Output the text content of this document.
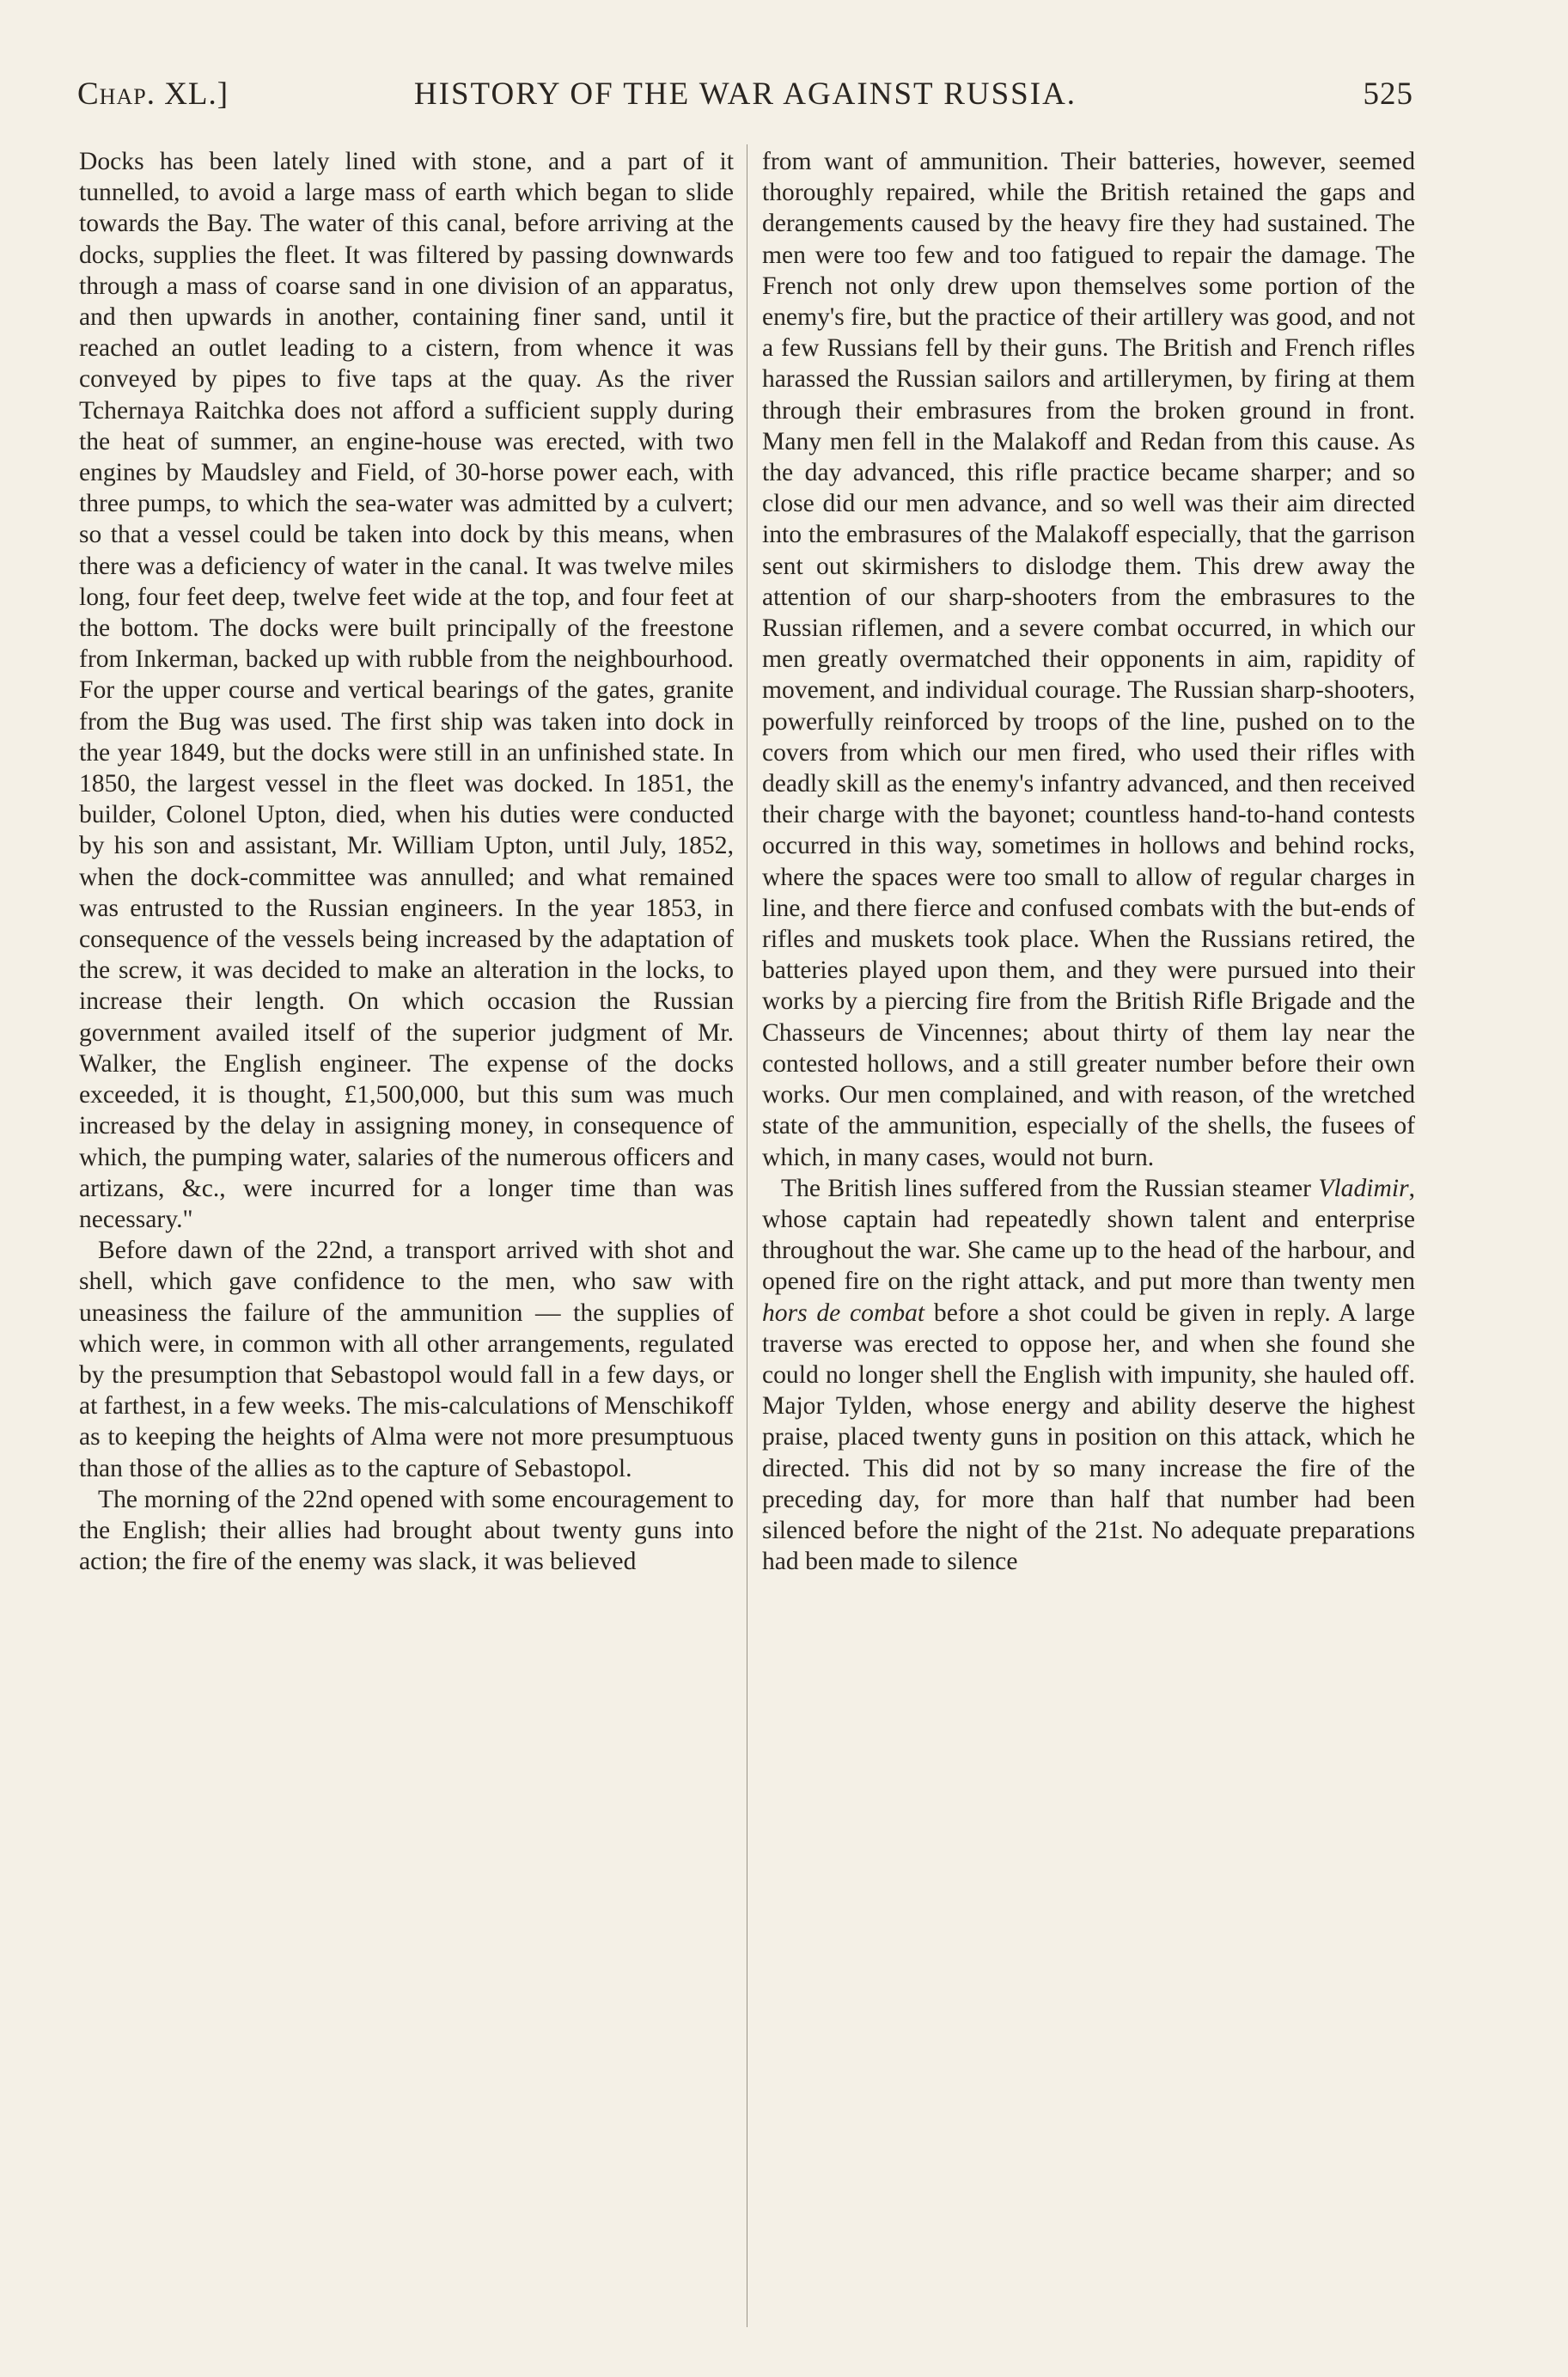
Chap. XL.]	HISTORY OF THE WAR AGAINST RUSSIA.	525

Docks has been lately lined with stone, and a part of it tunnelled, to avoid a large mass of earth which began to slide towards the Bay. The water of this canal, before arriving at the docks, supplies the fleet. It was filtered by passing downwards through a mass of coarse sand in one division of an apparatus, and then upwards in another, containing finer sand, until it reached an outlet leading to a cistern, from whence it was conveyed by pipes to five taps at the quay. As the river Tchernaya Raitchka does not afford a sufficient supply during the heat of summer, an engine-house was erected, with two engines by Maudsley and Field, of 30-horse power each, with three pumps, to which the sea-water was admitted by a culvert; so that a vessel could be taken into dock by this means, when there was a deficiency of water in the canal. It was twelve miles long, four feet deep, twelve feet wide at the top, and four feet at the bottom. The docks were built principally of the freestone from Inkerman, backed up with rubble from the neighbourhood. For the upper course and vertical bearings of the gates, granite from the Bug was used. The first ship was taken into dock in the year 1849, but the docks were still in an unfinished state. In 1850, the largest vessel in the fleet was docked. In 1851, the builder, Colonel Upton, died, when his duties were conducted by his son and assistant, Mr. William Upton, until July, 1852, when the dock-committee was annulled; and what remained was entrusted to the Russian engineers. In the year 1853, in consequence of the vessels being increased by the adaptation of the screw, it was decided to make an alteration in the locks, to increase their length. On which occasion the Russian government availed itself of the superior judgment of Mr. Walker, the English engineer. The expense of the docks exceeded, it is thought, £1,500,000, but this sum was much increased by the delay in assigning money, in consequence of which, the pumping water, salaries of the numerous officers and artizans, &c., were incurred for a longer time than was necessary."

Before dawn of the 22nd, a transport arrived with shot and shell, which gave confidence to the men, who saw with uneasiness the failure of the ammunition — the supplies of which were, in common with all other arrangements, regulated by the presumption that Sebastopol would fall in a few days, or at farthest, in a few weeks. The mis-calculations of Menschikoff as to keeping the heights of Alma were not more presumptuous than those of the allies as to the capture of Sebastopol.

The morning of the 22nd opened with some encouragement to the English; their allies had brought about twenty guns into action; the fire of the enemy was slack, it was believed

from want of ammunition. Their batteries, however, seemed thoroughly repaired, while the British retained the gaps and derangements caused by the heavy fire they had sustained. The men were too few and too fatigued to repair the damage. The French not only drew upon themselves some portion of the enemy's fire, but the practice of their artillery was good, and not a few Russians fell by their guns. The British and French rifles harassed the Russian sailors and artillerymen, by firing at them through their embrasures from the broken ground in front. Many men fell in the Malakoff and Redan from this cause. As the day advanced, this rifle practice became sharper; and so close did our men advance, and so well was their aim directed into the embrasures of the Malakoff especially, that the garrison sent out skirmishers to dislodge them. This drew away the attention of our sharp-shooters from the embrasures to the Russian riflemen, and a severe combat occurred, in which our men greatly overmatched their opponents in aim, rapidity of movement, and individual courage. The Russian sharp-shooters, powerfully reinforced by troops of the line, pushed on to the covers from which our men fired, who used their rifles with deadly skill as the enemy's infantry advanced, and then received their charge with the bayonet; countless hand-to-hand contests occurred in this way, sometimes in hollows and behind rocks, where the spaces were too small to allow of regular charges in line, and there fierce and confused combats with the but-ends of rifles and muskets took place. When the Russians retired, the batteries played upon them, and they were pursued into their works by a piercing fire from the British Rifle Brigade and the Chasseurs de Vincennes; about thirty of them lay near the contested hollows, and a still greater number before their own works. Our men complained, and with reason, of the wretched state of the ammunition, especially of the shells, the fusees of which, in many cases, would not burn.

The British lines suffered from the Russian steamer Vladimir, whose captain had repeatedly shown talent and enterprise throughout the war. She came up to the head of the harbour, and opened fire on the right attack, and put more than twenty men hors de combat before a shot could be given in reply. A large traverse was erected to oppose her, and when she found she could no longer shell the English with impunity, she hauled off. Major Tylden, whose energy and ability deserve the highest praise, placed twenty guns in position on this attack, which he directed. This did not by so many increase the fire of the preceding day, for more than half that number had been silenced before the night of the 21st. No adequate preparations had been made to silence
